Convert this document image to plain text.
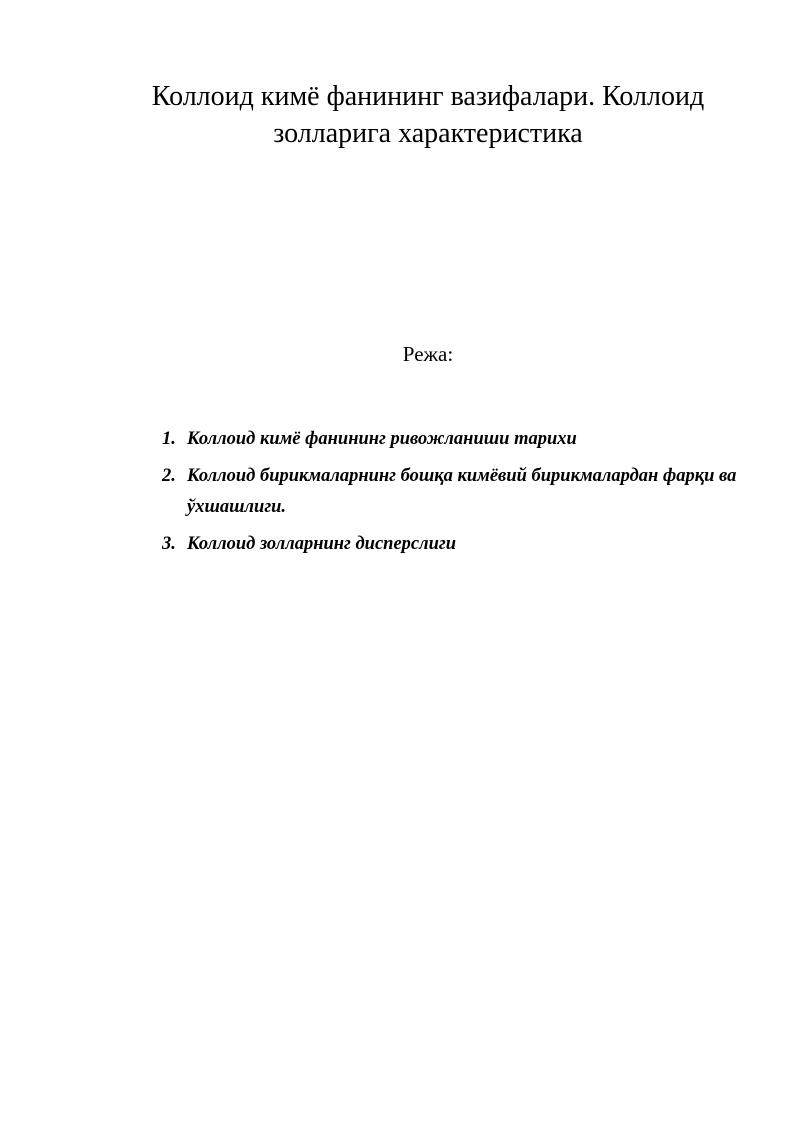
Коллоид кимё фанининг вазифалари. Коллоид золларига характеристика
Режа:
1. Коллоид кимё фанининг ривожланиши тарихи
2. Коллоид бирикмаларнинг бошқа кимёвий бирикмалардан фарқи ва ўхшашлиги.
3. Коллоид золларнинг дисперслиги
